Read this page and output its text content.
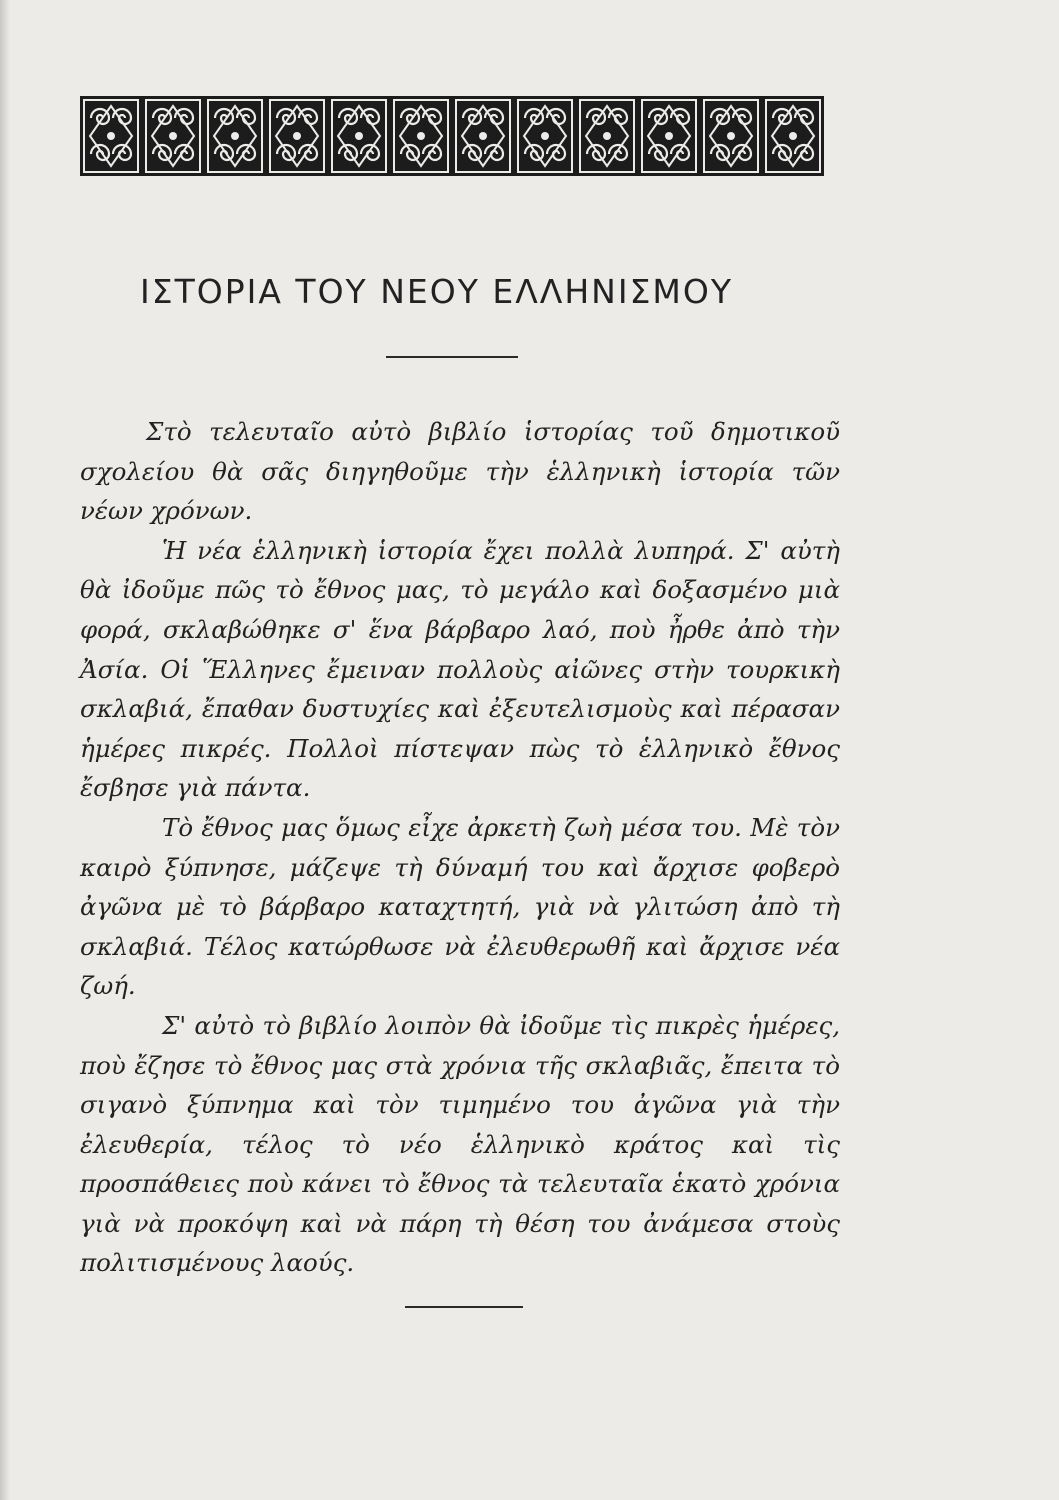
ΙΣΤΟΡΙΑ ΤΟΥ ΝΕΟΥ ΕΛΛΗΝΙΣΜΟΥ

Στὸ τελευταῖο αὐτὸ βιβλίο ἱστορίας τοῦ δημοτικοῦ σχολείου θὰ σᾶς διηγηθοῦμε τὴν ἑλληνικὴ ἱστορία τῶν νέων χρόνων.

Ἡ νέα ἑλληνικὴ ἱστορία ἔχει πολλὰ λυπηρά. Σ' αὐτὴ θὰ ἰδοῦμε πῶς τὸ ἔθνος μας, τὸ μεγάλο καὶ δοξασμένο μιὰ φορά, σκλαβώθηκε σ' ἕνα βάρβαρο λαό, ποὺ ἦρθε ἀπὸ τὴν Ἀσία. Οἱ Ἕλληνες ἔμειναν πολλοὺς αἰῶνες στὴν τουρκικὴ σκλαβιά, ἔπαθαν δυστυχίες καὶ ἐξευτελισμοὺς καὶ πέρασαν ἡμέρες πικρές. Πολλοὶ πίστεψαν πὼς τὸ ἑλληνικὸ ἔθνος ἔσβησε γιὰ πάντα.

Τὸ ἔθνος μας ὅμως εἶχε ἀρκετὴ ζωὴ μέσα του. Μὲ τὸν καιρὸ ξύπνησε, μάζεψε τὴ δύναμή του καὶ ἄρχισε φοβερὸ ἀγῶνα μὲ τὸ βάρβαρο καταχτητή, γιὰ νὰ γλιτώση ἀπὸ τὴ σκλαβιά. Τέλος κατώρθωσε νὰ ἐλευθερωθῆ καὶ ἄρχισε νέα ζωή.

Σ' αὐτὸ τὸ βιβλίο λοιπὸν θὰ ἰδοῦμε τὶς πικρὲς ἡμέρες, ποὺ ἔζησε τὸ ἔθνος μας στὰ χρόνια τῆς σκλαβιᾶς, ἔπειτα τὸ σιγανὸ ξύπνημα καὶ τὸν τιμημένο του ἀγῶνα γιὰ τὴν ἐλευθερία, τέλος τὸ νέο ἑλληνικὸ κράτος καὶ τὶς προσπάθειες ποὺ κάνει τὸ ἔθνος τὰ τελευταῖα ἑκατὸ χρόνια γιὰ νὰ προκόψη καὶ νὰ πάρη τὴ θέση του ἀνάμεσα στοὺς πολιτισμένους λαούς.
